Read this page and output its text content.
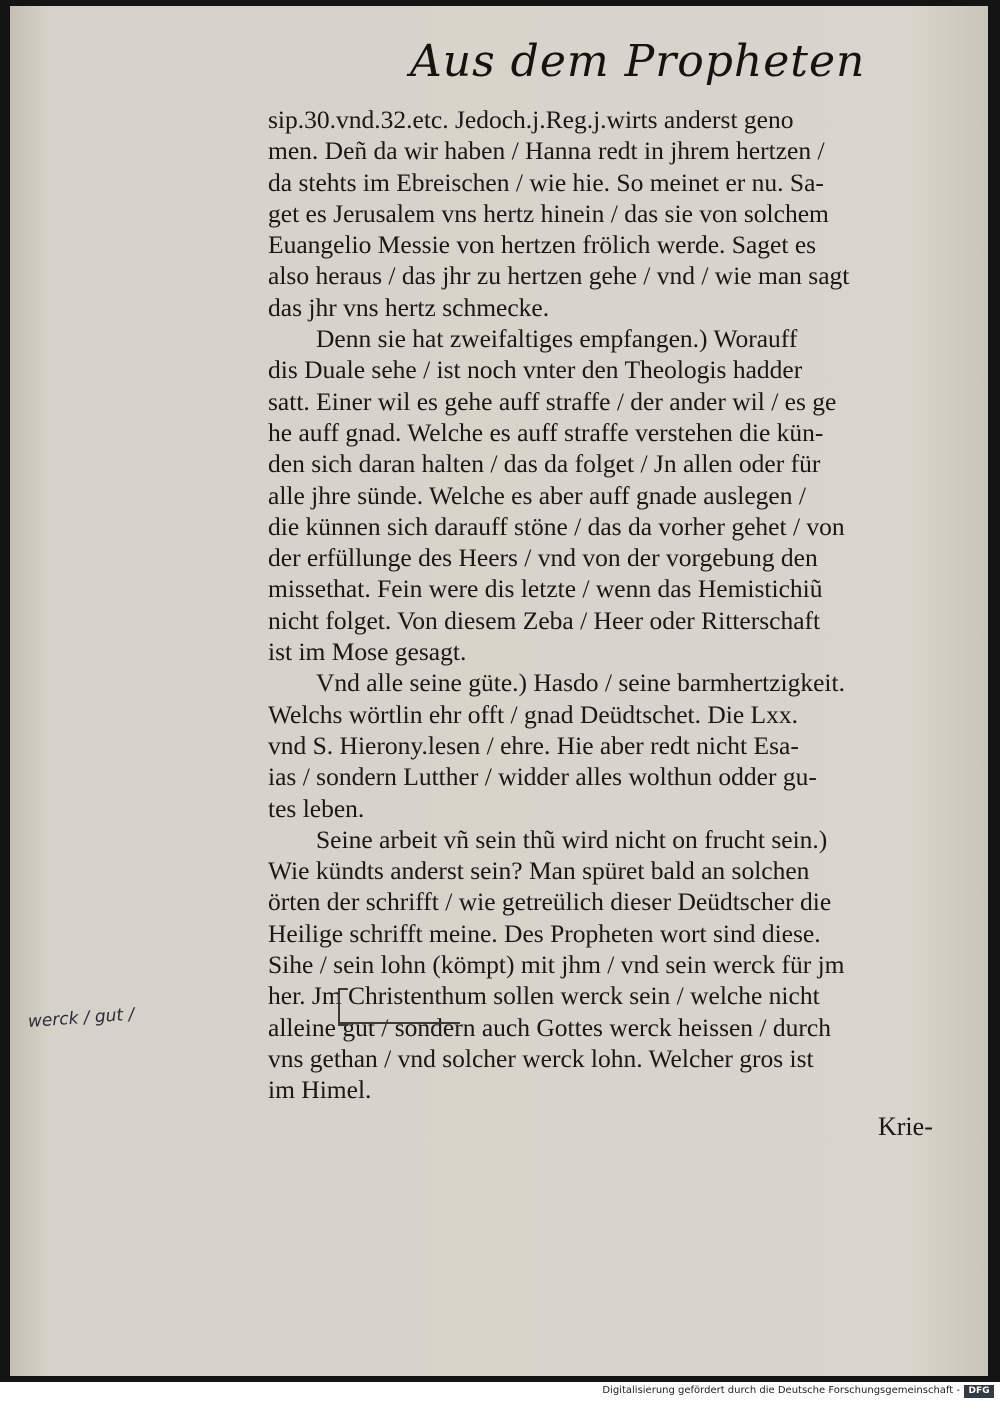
Aus dem Propheten
sip.30.vnd.32.etc. Jedoch.j.Reg.j.wirts anderst geno
men. Deñ da wir haben / Hanna redt in jhrem hertzen /
da stehts im Ebreischen / wie hie. So meinet er nu. Sa-
get es Jerusalem vns hertz hinein / das sie von solchem
Euangelio Messie von hertzen frölich werde. Saget es
also heraus / das jhr zu hertzen gehe / vnd / wie man sagt
das jhr vns hertz schmecke.
Denn sie hat zweifaltiges empfangen.) Worauff
dis Duale sehe / ist noch vnter den Theologis hadder
satt. Einer wil es gehe auff straffe / der ander wil / es ge
he auff gnad. Welche es auff straffe verstehen die kün-
den sich daran halten / das da folget / Jn allen oder für
alle jhre sünde. Welche es aber auff gnade auslegen /
die künnen sich darauff stöne / das da vorher gehet / von
der erfüllunge des Heers / vnd von der vorgebung den
missethat. Fein were dis letzte / wenn das Hemistichiũ
nicht folget. Von diesem Zeba / Heer oder Ritterschaft
ist im Mose gesagt.
Vnd alle seine güte.) Hasdo / seine barmhertzigkeit.
Welchs wörtlin ehr offt / gnad Deüdtschet. Die Lxx.
vnd S. Hierony.lesen / ehre. Hie aber redt nicht Esa-
ias / sondern Lutther / widder alles wolthun odder gu-
tes leben.
Seine arbeit vñ sein thũ wird nicht on frucht sein.)
Wie kündts anderst sein? Man spüret bald an solchen
örten der schrifft / wie getreülich dieser Deüdtscher die
Heilige schrifft meine. Des Propheten wort sind diese.
Sihe / sein lohn (kömpt) mit jhm / vnd sein werck für jm
her. Jm Christenthum sollen werck sein / welche nicht
alleine gut / sondern auch Gottes werck heissen / durch
vns gethan / vnd solcher werck lohn. Welcher gros ist
im Himel.
werck / gut /
Krie-
Digitalisierung gefördert durch die Deutsche Forschungsgemeinschaft - DFG
